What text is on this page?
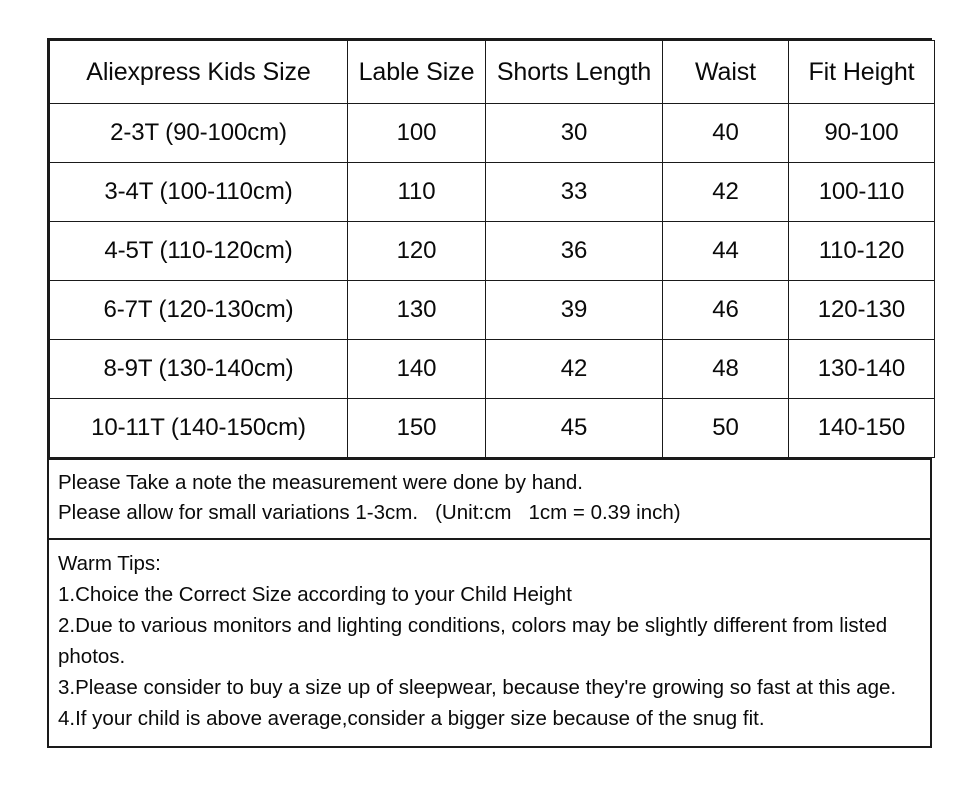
Aliexpress Kids Size	Lable Size	Shorts Length	Waist	Fit Height
2-3T (90-100cm)	100	30	40	90-100
3-4T (100-110cm)	110	33	42	100-110
4-5T (110-120cm)	120	36	44	110-120
6-7T (120-130cm)	130	39	46	120-130
8-9T (130-140cm)	140	42	48	130-140
10-11T (140-150cm)	150	45	50	140-150
Please Take a note the measurement were done by hand.
Please allow for small variations 1-3cm.   (Unit:cm   1cm = 0.39 inch)
Warm Tips:
1.Choice the Correct Size according to your Child Height
2.Due to various monitors and lighting conditions, colors may be slightly different from listed photos.
3.Please consider to buy a size up of sleepwear, because they're growing so fast at this age.
4.If your child is above average,consider a bigger size because of the snug fit.
